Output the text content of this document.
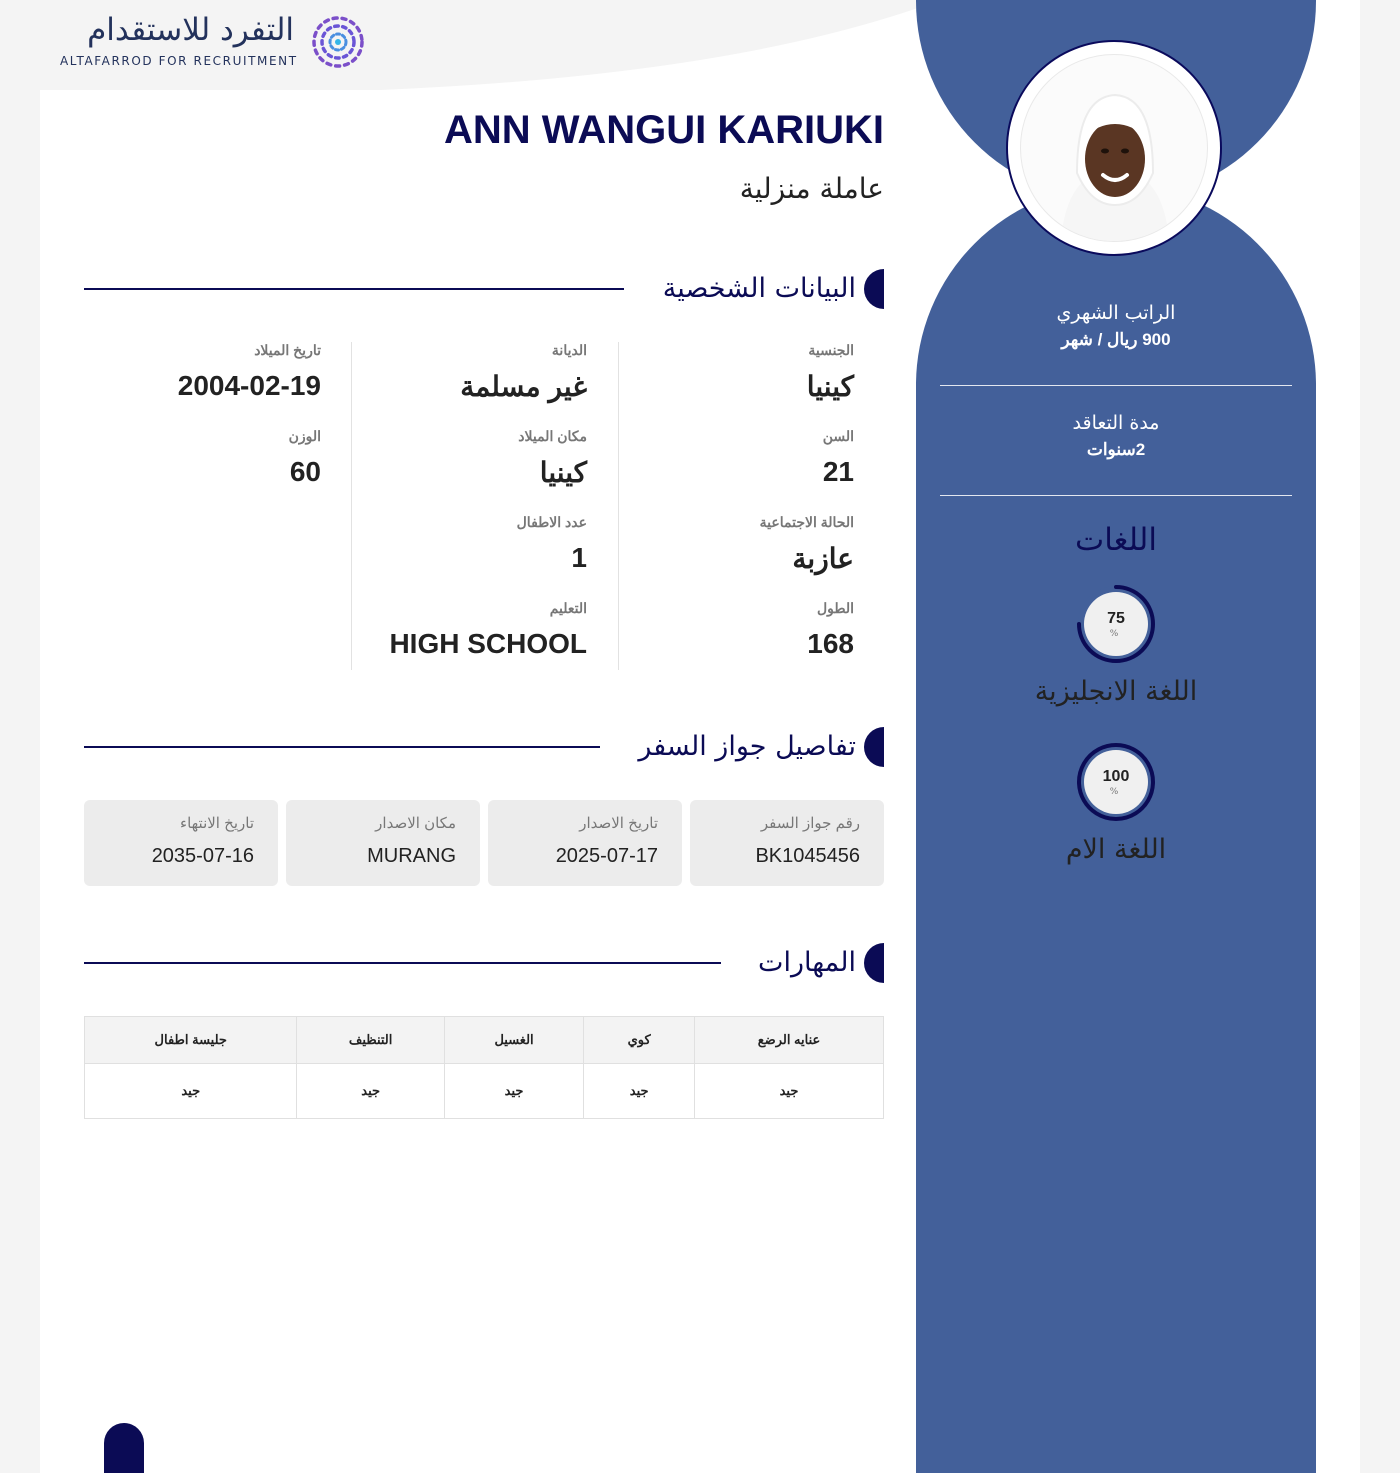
التفرد للاستقدام
ALTAFARROD FOR RECRUITMENT
ANN WANGUI KARIUKI
عاملة منزلية
البيانات الشخصية
الجنسية
كينيا
الديانة
غير مسلمة
تاريخ الميلاد
2004-02-19
السن
21
مكان الميلاد
كينيا
الوزن
60
الحالة الاجتماعية
عازبة
عدد الاطفال
1
الطول
168
التعليم
HIGH SCHOOL
تفاصيل جواز السفر
رقم جواز السفر
BK1045456
تاريخ الاصدار
2025-07-17
مكان الاصدار
MURANG
تاريخ الانتهاء
2035-07-16
المهارات
عنايه الرضع	كوي	الغسيل	التنظيف	جليسة اطفال
جيد	جيد	جيد	جيد	جيد
الراتب الشهري
900 ريال / شهر
مدة التعاقد
2سنوات
اللغات
75
%
اللغة الانجليزية
100
%
اللغة الام
